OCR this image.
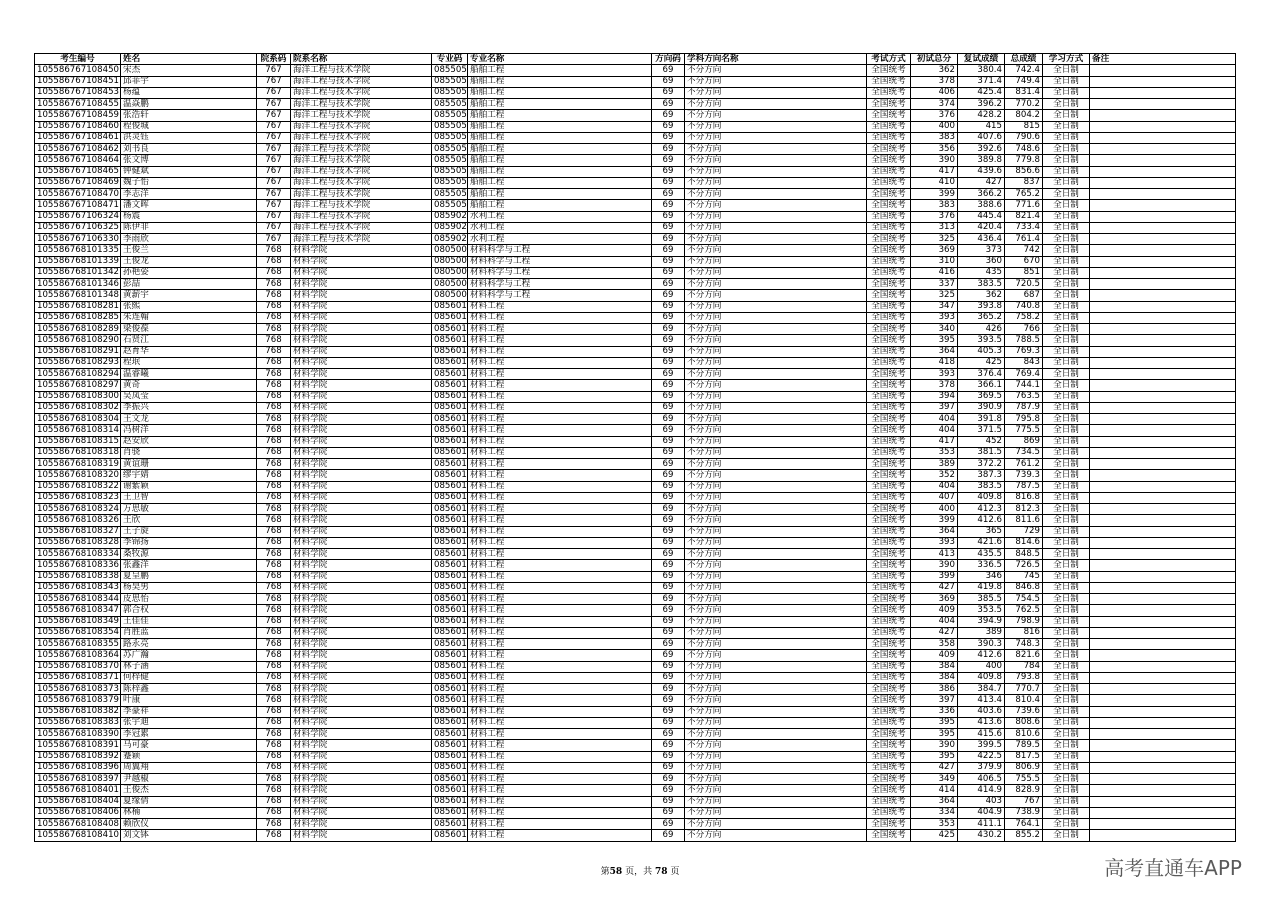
考生编号	姓名	院系码	院系名称	专业码	专业名称	方向码	学科方向名称	考试方式	初试总分	复试成绩	总成绩	学习方式	备注
105586767108450	宋杰	767	海洋工程与技术学院	085505	船舶工程	69	不分方向	全国统考	362	380.4	742.4	全日制	
105586767108451	邱菲宇	767	海洋工程与技术学院	085505	船舶工程	69	不分方向	全国统考	378	371.4	749.4	全日制	
105586767108453	杨蕴	767	海洋工程与技术学院	085505	船舶工程	69	不分方向	全国统考	406	425.4	831.4	全日制	
105586767108455	温焱鹏	767	海洋工程与技术学院	085505	船舶工程	69	不分方向	全国统考	374	396.2	770.2	全日制	
105586767108459	张浩轩	767	海洋工程与技术学院	085505	船舶工程	69	不分方向	全国统考	376	428.2	804.2	全日制	
105586767108460	程俊城	767	海洋工程与技术学院	085505	船舶工程	69	不分方向	全国统考	400	415	815	全日制	
105586767108461	洪灵钰	767	海洋工程与技术学院	085505	船舶工程	69	不分方向	全国统考	383	407.6	790.6	全日制	
105586767108462	刘书良	767	海洋工程与技术学院	085505	船舶工程	69	不分方向	全国统考	356	392.6	748.6	全日制	
105586767108464	张文博	767	海洋工程与技术学院	085505	船舶工程	69	不分方向	全国统考	390	389.8	779.8	全日制	
105586767108465	钟健斌	767	海洋工程与技术学院	085505	船舶工程	69	不分方向	全国统考	417	439.6	856.6	全日制	
105586767108469	魏子怡	767	海洋工程与技术学院	085505	船舶工程	69	不分方向	全国统考	410	427	837	全日制	
105586767108470	李志洋	767	海洋工程与技术学院	085505	船舶工程	69	不分方向	全国统考	399	366.2	765.2	全日制	
105586767108471	潘文晖	767	海洋工程与技术学院	085505	船舶工程	69	不分方向	全国统考	383	388.6	771.6	全日制	
105586767106324	杨震	767	海洋工程与技术学院	085902	水利工程	69	不分方向	全国统考	376	445.4	821.4	全日制	
105586767106325	陈伊非	767	海洋工程与技术学院	085902	水利工程	69	不分方向	全国统考	313	420.4	733.4	全日制	
105586767106330	李雨欣	767	海洋工程与技术学院	085902	水利工程	69	不分方向	全国统考	325	436.4	761.4	全日制	
105586768101335	王俊兰	768	材料学院	080500	材料科学与工程	69	不分方向	全国统考	369	373	742	全日制	
105586768101339	王俊龙	768	材料学院	080500	材料科学与工程	69	不分方向	全国统考	310	360	670	全日制	
105586768101342	孙艳姿	768	材料学院	080500	材料科学与工程	69	不分方向	全国统考	416	435	851	全日制	
105586768101346	彭喆	768	材料学院	080500	材料科学与工程	69	不分方向	全国统考	337	383.5	720.5	全日制	
105586768101348	黄薪宇	768	材料学院	080500	材料科学与工程	69	不分方向	全国统考	325	362	687	全日制	
105586768108281	张熙	768	材料学院	085601	材料工程	69	不分方向	全国统考	347	393.8	740.8	全日制	
105586768108285	朱连翰	768	材料学院	085601	材料工程	69	不分方向	全国统考	393	365.2	758.2	全日制	
105586768108289	梁俊葆	768	材料学院	085601	材料工程	69	不分方向	全国统考	340	426	766	全日制	
105586768108290	石贤江	768	材料学院	085601	材料工程	69	不分方向	全国统考	395	393.5	788.5	全日制	
105586768108291	赵育华	768	材料学院	085601	材料工程	69	不分方向	全国统考	364	405.3	769.3	全日制	
105586768108293	程珉	768	材料学院	085601	材料工程	69	不分方向	全国统考	418	425	843	全日制	
105586768108294	温睿曦	768	材料学院	085601	材料工程	69	不分方向	全国统考	393	376.4	769.4	全日制	
105586768108297	黄奇	768	材料学院	085601	材料工程	69	不分方向	全国统考	378	366.1	744.1	全日制	
105586768108300	吴凤莹	768	材料学院	085601	材料工程	69	不分方向	全国统考	394	369.5	763.5	全日制	
105586768108302	李振兴	768	材料学院	085601	材料工程	69	不分方向	全国统考	397	390.9	787.9	全日制	
105586768108304	王文龙	768	材料学院	085601	材料工程	69	不分方向	全国统考	404	391.8	795.8	全日制	
105586768108314	冯树洋	768	材料学院	085601	材料工程	69	不分方向	全国统考	404	371.5	775.5	全日制	
105586768108315	赵安欣	768	材料学院	085601	材料工程	69	不分方向	全国统考	417	452	869	全日制	
105586768108318	肖骁	768	材料学院	085601	材料工程	69	不分方向	全国统考	353	381.5	734.5	全日制	
105586768108319	黄谊珊	768	材料学院	085601	材料工程	69	不分方向	全国统考	389	372.2	761.2	全日制	
105586768108320	缪宇婧	768	材料学院	085601	材料工程	69	不分方向	全国统考	352	387.3	739.3	全日制	
105586768108322	谢紫颖	768	材料学院	085601	材料工程	69	不分方向	全国统考	404	383.5	787.5	全日制	
105586768108323	王卫智	768	材料学院	085601	材料工程	69	不分方向	全国统考	407	409.8	816.8	全日制	
105586768108324	万思敏	768	材料学院	085601	材料工程	69	不分方向	全国统考	400	412.3	812.3	全日制	
105586768108326	王欣	768	材料学院	085601	材料工程	69	不分方向	全国统考	399	412.6	811.6	全日制	
105586768108327	王子旋	768	材料学院	085601	材料工程	69	不分方向	全国统考	364	365	729	全日制	
105586768108328	李锦扬	768	材料学院	085601	材料工程	69	不分方向	全国统考	393	421.6	814.6	全日制	
105586768108334	桑牧源	768	材料学院	085601	材料工程	69	不分方向	全国统考	413	435.5	848.5	全日制	
105586768108336	张鑫洋	768	材料学院	085601	材料工程	69	不分方向	全国统考	390	336.5	726.5	全日制	
105586768108338	夏呈鹏	768	材料学院	085601	材料工程	69	不分方向	全国统考	399	346	745	全日制	
105586768108343	杨昊男	768	材料学院	085601	材料工程	69	不分方向	全国统考	427	419.8	846.8	全日制	
105586768108344	皮思怡	768	材料学院	085601	材料工程	69	不分方向	全国统考	369	385.5	754.5	全日制	
105586768108347	郭合权	768	材料学院	085601	材料工程	69	不分方向	全国统考	409	353.5	762.5	全日制	
105586768108349	王佳佳	768	材料学院	085601	材料工程	69	不分方向	全国统考	404	394.9	798.9	全日制	
105586768108354	肖胜蓝	768	材料学院	085601	材料工程	69	不分方向	全国统考	427	389	816	全日制	
105586768108355	路永亮	768	材料学院	085601	材料工程	69	不分方向	全国统考	358	390.3	748.3	全日制	
105586768108364	苏广瀚	768	材料学院	085601	材料工程	69	不分方向	全国统考	409	412.6	821.6	全日制	
105586768108370	林子涵	768	材料学院	085601	材料工程	69	不分方向	全国统考	384	400	784	全日制	
105586768108371	何梓健	768	材料学院	085601	材料工程	69	不分方向	全国统考	384	409.8	793.8	全日制	
105586768108373	陈梓鑫	768	材料学院	085601	材料工程	69	不分方向	全国统考	386	384.7	770.7	全日制	
105586768108379	叶康	768	材料学院	085601	材料工程	69	不分方向	全国统考	397	413.4	810.4	全日制	
105586768108382	李豪祥	768	材料学院	085601	材料工程	69	不分方向	全国统考	336	403.6	739.6	全日制	
105586768108383	张宇迪	768	材料学院	085601	材料工程	69	不分方向	全国统考	395	413.6	808.6	全日制	
105586768108390	李冠累	768	材料学院	085601	材料工程	69	不分方向	全国统考	395	415.6	810.6	全日制	
105586768108391	马可豪	768	材料学院	085601	材料工程	69	不分方向	全国统考	390	399.5	789.5	全日制	
105586768108392	蹇颖	768	材料学院	085601	材料工程	69	不分方向	全国统考	395	422.5	817.5	全日制	
105586768108396	周翼翔	768	材料学院	085601	材料工程	69	不分方向	全国统考	427	379.9	806.9	全日制	
105586768108397	尹越椒	768	材料学院	085601	材料工程	69	不分方向	全国统考	349	406.5	755.5	全日制	
105586768108401	王俊杰	768	材料学院	085601	材料工程	69	不分方向	全国统考	414	414.9	828.9	全日制	
105586768108404	夏缘倩	768	材料学院	085601	材料工程	69	不分方向	全国统考	364	403	767	全日制	
105586768108406	林楠	768	材料学院	085601	材料工程	69	不分方向	全国统考	334	404.9	738.9	全日制	
105586768108408	赖欣仪	768	材料学院	085601	材料工程	69	不分方向	全国统考	353	411.1	764.1	全日制	
105586768108410	刘文钵	768	材料学院	085601	材料工程	69	不分方向	全国统考	425	430.2	855.2	全日制	
第58 页，共 78 页	高考直通车APP
